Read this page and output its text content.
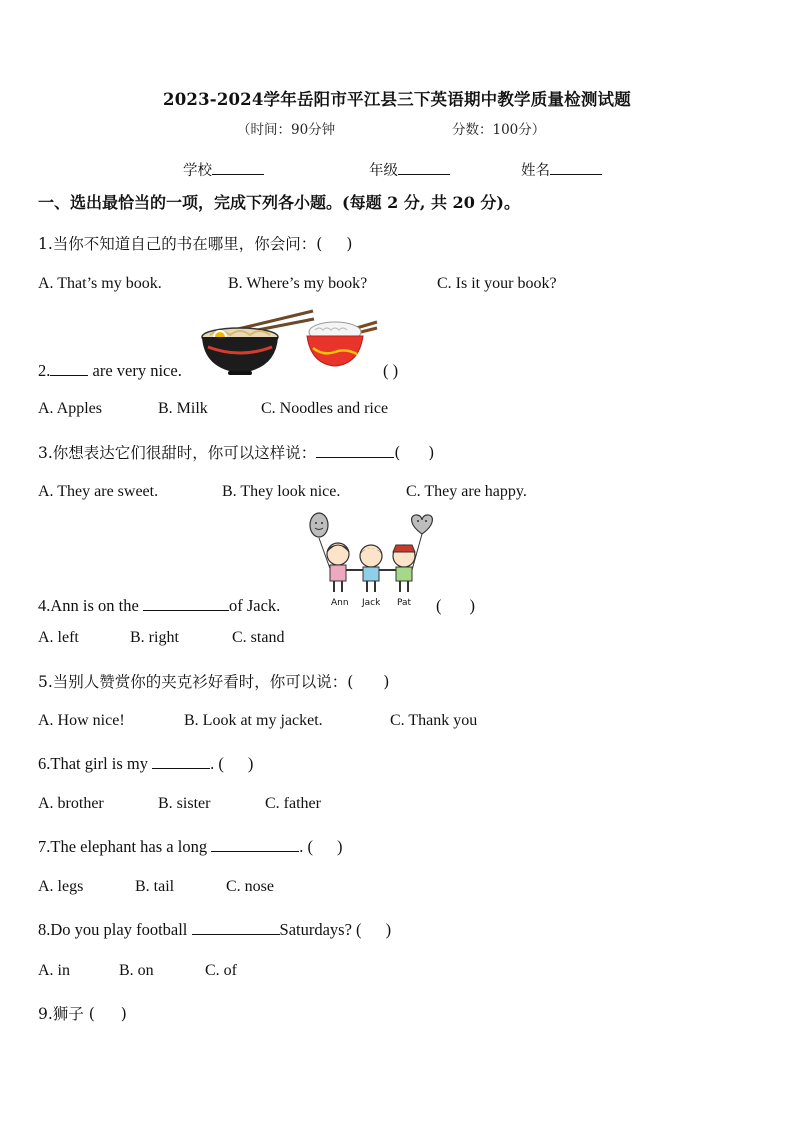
2023-2024学年岳阳市平江县三下英语期中教学质量检测试题
（时间：90分钟	分数：100分）
学校	年级	姓名
一、选出最恰当的一项，完成下列各小题。(每题 2 分, 共 20 分)。
1.当你不知道自己的书在哪里，你会问：( )
A. That’s my book.	B. Where’s my book?	C. Is it your book?
2.	are very nice.	( )
A. Apples	B. Milk	C. Noodles and rice
3.你想表达它们很甜时，你可以这样说：	( )
A. They are sweet.	B. They look nice.	C. They are happy.
Ann Jack Pat
4.Ann is on the	of Jack.	( )
A. left	B. right	C. stand
5.当别人赞赏你的夹克衫好看时，你可以说：( )
A. How nice!	B. Look at my jacket.	C. Thank you
6.That girl is my	. ( )
A. brother	B. sister	C. father
7.The elephant has a long	. ( )
A. legs	B. tail	C. nose
8.Do you play football	Saturdays? ( )
A. in	B. on	C. of
9.狮子 ( )
